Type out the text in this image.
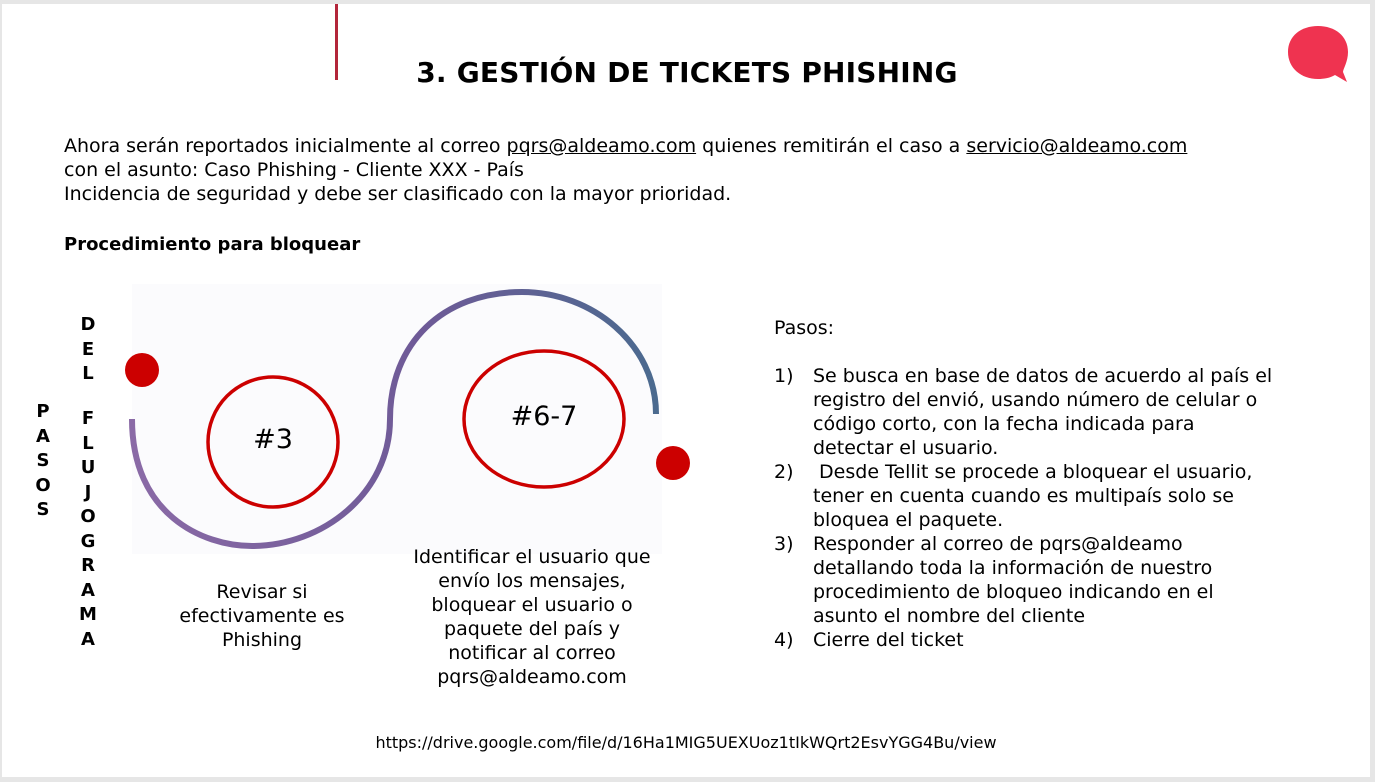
3. GESTIÓN DE TICKETS PHISHING
Ahora serán reportados inicialmente al correo pqrs@aldeamo.com quienes remitirán el caso a servicio@aldeamo.com
con el asunto: Caso Phishing - Cliente XXX - País
Incidencia de seguridad y debe ser clasificado con la mayor prioridad.
Procedimiento para bloquear
P
A
S
O
S
D
E
L
F
L
U
J
O
G
R
A
M
A
#3
#6-7
Revisar si
efectivamente es
Phishing
Identificar el usuario que
envío los mensajes,
bloquear el usuario o
paquete del país y
notificar al correo
pqrs@aldeamo.com
Pasos:
1) Se busca en base de datos de acuerdo al país el
registro del envió, usando número de celular o
código corto, con la fecha indicada para
detectar el usuario.
2) Desde Tellit se procede a bloquear el usuario,
tener en cuenta cuando es multipaís solo se
bloquea el paquete.
3) Responder al correo de pqrs@aldeamo
detallando toda la información de nuestro
procedimiento de bloqueo indicando en el
asunto el nombre del cliente
4) Cierre del ticket
https://drive.google.com/file/d/16Ha1MIG5UEXUoz1tIkWQrt2EsvYGG4Bu/view
